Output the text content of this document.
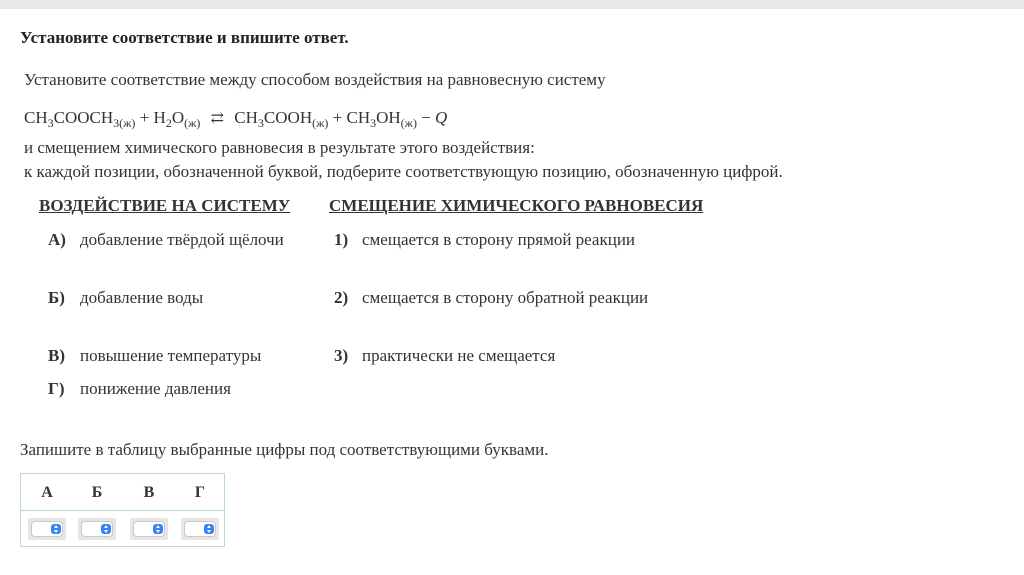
Установите соответствие и впишите ответ.
Установите соответствие между способом воздействия на равновесную систему
$CH_3COOCH_{3(ж)} + H_2O_{(ж)}$ ⇄ $CH_3COOH_{(ж)} + CH_3OH_{(ж)} - Q$
и смещением химического равновесия в результате этого воздействия:
к каждой позиции, обозначенной буквой, подберите соответствующую позицию, обозначенную цифрой.
ВОЗДЕЙСТВИЕ НА СИСТЕМУ СМЕЩЕНИЕ ХИМИЧЕСКОГО РАВНОВЕСИЯ
А) добавление твёрдой щёлочи
Б) добавление воды
В) повышение температуры
Г) понижение давления
1) смещается в сторону прямой реакции
2) смещается в сторону обратной реакции
3) практически не смещается
Запишите в таблицу выбранные цифры под соответствующими буквами.
А	Б	В	Г
